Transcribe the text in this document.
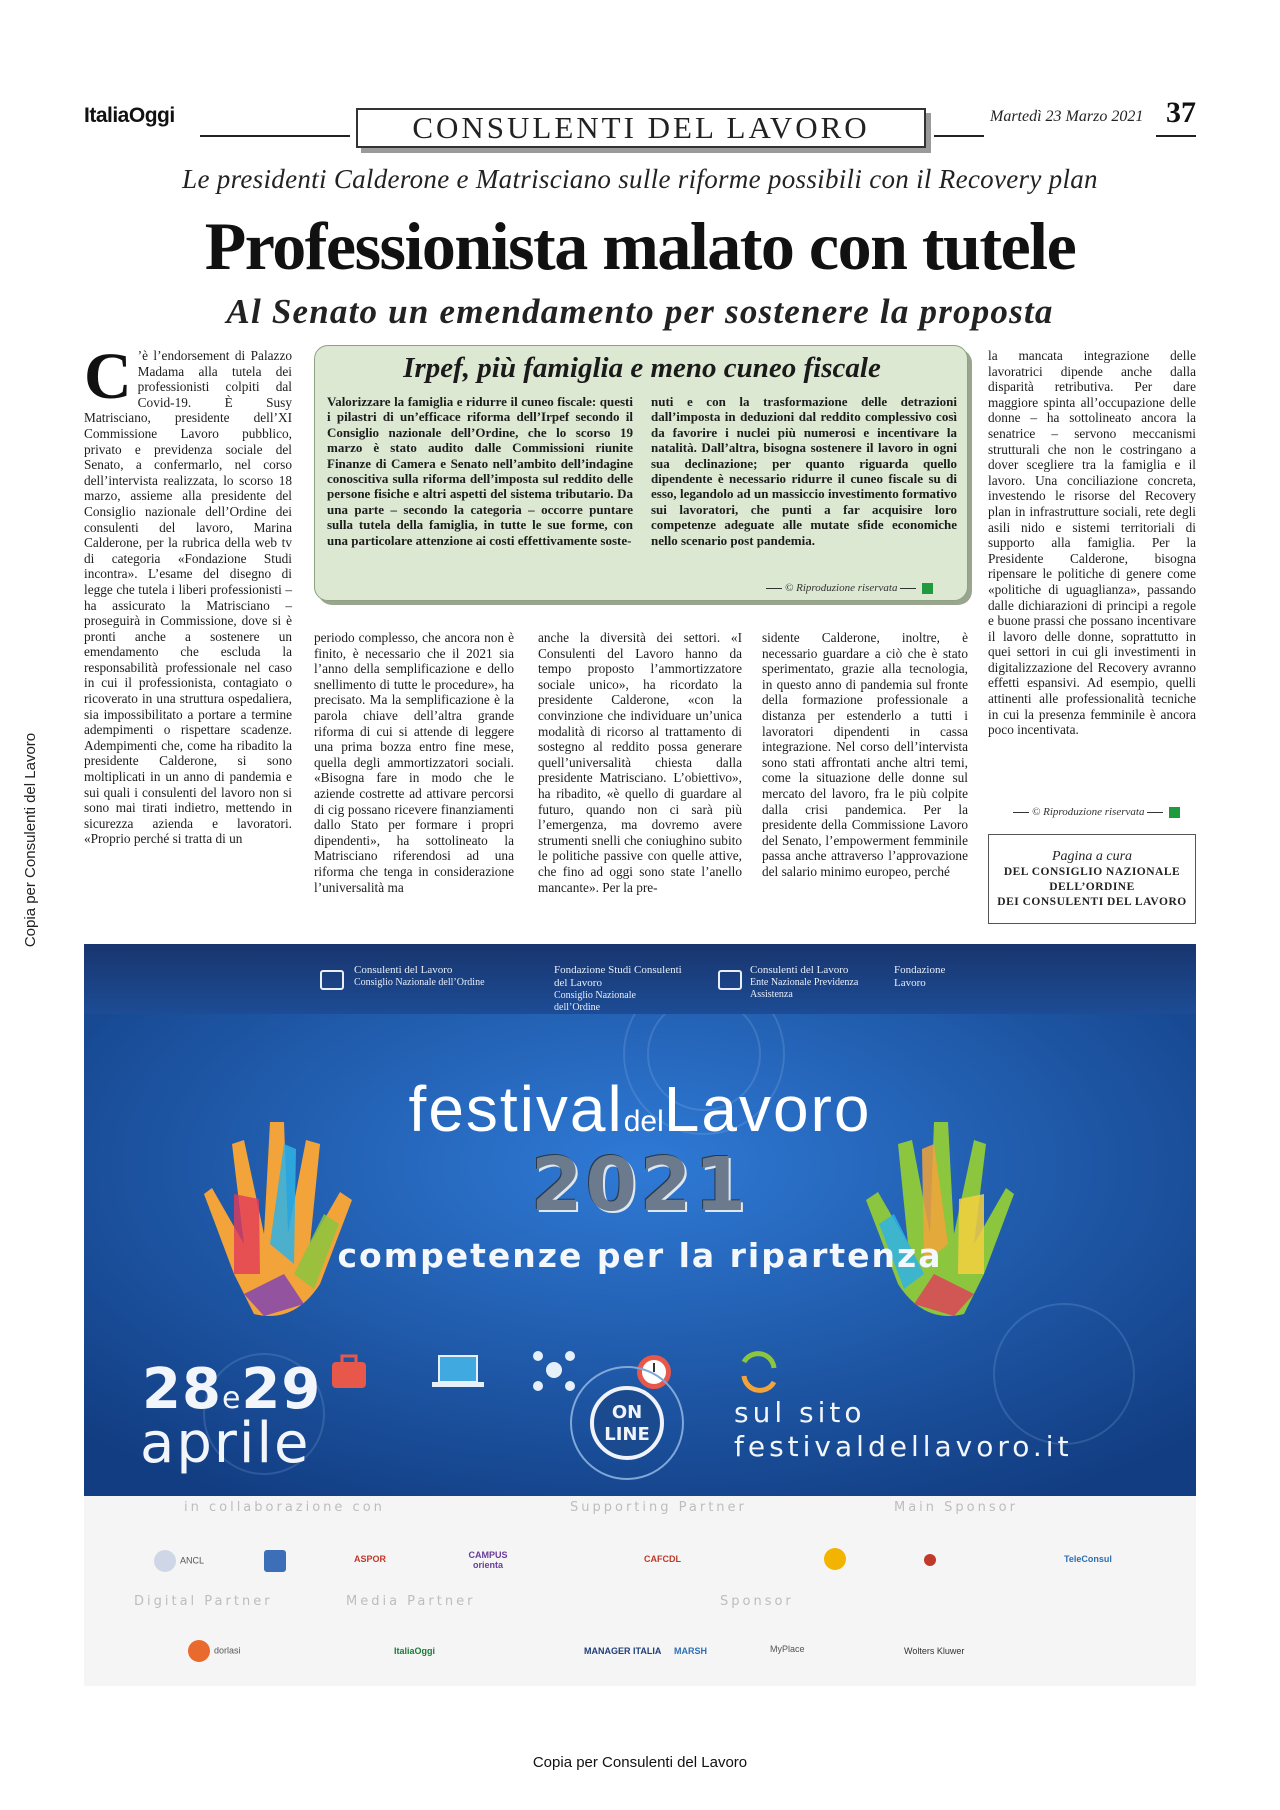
Copia per Consulenti del Lavoro
ItaliaOggi	CONSULENTI DEL LAVORO	Martedì 23 Marzo 2021 37
Le presidenti Calderone e Matrisciano sulle riforme possibili con il Recovery plan
Professionista malato con tutele
Al Senato un emendamento per sostenere la proposta
C ’è l’endorsement di Palazzo Madama alla tutela dei professionisti colpiti dal Covid-19. È Susy Matrisciano, presidente dell’XI Commissione Lavoro pubblico, privato e previdenza sociale del Senato, a confermarlo, nel corso dell’intervista realizzata, lo scorso 18 marzo, assieme alla presidente del Consiglio nazionale dell’Ordine dei consulenti del lavoro, Marina Calderone, per la rubrica della web tv di categoria «Fondazione Studi incontra». L’esame del disegno di legge che tutela i liberi professionisti – ha assicurato la Matrisciano – proseguirà in Commissione, dove si è pronti anche a sostenere un emendamento che escluda la responsabilità professionale nel caso in cui il professionista, contagiato o ricoverato in una struttura ospedaliera, sia impossibilitato a portare a termine adempimenti o rispettare scadenze. Adempimenti che, come ha ribadito la presidente Calderone, si sono moltiplicati in un anno di pandemia e sui quali i consulenti del lavoro non si sono mai tirati indietro, mettendo in sicurezza azienda e lavoratori. «Proprio perché si tratta di un
Irpef, più famiglia e meno cuneo fiscale
Valorizzare la famiglia e ridurre il cuneo fiscale: questi i pilastri di un’efficace riforma dell’Irpef secondo il Consiglio nazionale dell’Ordine, che lo scorso 19 marzo è stato audito dalle Commissioni riunite Finanze di Camera e Senato nell’ambito dell’indagine conoscitiva sulla riforma dell’imposta sul reddito delle persone fisiche e altri aspetti del sistema tributario. Da una parte – secondo la categoria – occorre puntare sulla tutela della famiglia, in tutte le sue forme, con una particolare attenzione ai costi effettivamente soste-
nuti e con la trasformazione delle detrazioni dall’imposta in deduzioni dal reddito complessivo così da favorire i nuclei più numerosi e incentivare la natalità. Dall’altra, bisogna sostenere il lavoro in ogni sua declinazione; per quanto riguarda quello dipendente è necessario ridurre il cuneo fiscale su di esso, legandolo ad un massiccio investimento formativo sui lavoratori, che punti a far acquisire loro competenze adeguate alle mutate sfide economiche nello scenario post pandemia.
© Riproduzione riservata
periodo complesso, che ancora non è finito, è necessario che il 2021 sia l’anno della semplificazione e dello snellimento di tutte le procedure», ha precisato. Ma la semplificazione è la parola chiave dell’altra grande riforma di cui si attende di leggere una prima bozza entro fine mese, quella degli ammortizzatori sociali. «Bisogna fare in modo che le aziende costrette ad attivare percorsi di cig possano ricevere finanziamenti dallo Stato per formare i propri dipendenti», ha sottolineato la Matrisciano riferendosi ad una riforma che tenga in considerazione l’universalità ma
anche la diversità dei settori. «I Consulenti del Lavoro hanno da tempo proposto l’ammortizzatore sociale unico», ha ricordato la presidente Calderone, «con la convinzione che individuare un’unica modalità di ricorso al trattamento di sostegno al reddito possa generare quell’universalità chiesta dalla presidente Matrisciano. L’obiettivo», ha ribadito, «è quello di guardare al futuro, quando non ci sarà più l’emergenza, ma dovremo avere strumenti snelli che coniughino subito le politiche passive con quelle attive, che fino ad oggi sono state l’anello mancante». Per la pre-
sidente Calderone, inoltre, è necessario guardare a ciò che è stato sperimentato, grazie alla tecnologia, in questo anno di pandemia sul fronte della formazione professionale a distanza per estenderlo a tutti i lavoratori dipendenti in cassa integrazione. Nel corso dell’intervista sono stati affrontati anche altri temi, come la situazione delle donne sul mercato del lavoro, fra le più colpite dalla crisi pandemica. Per la presidente della Commissione Lavoro del Senato, l’empowerment femminile passa anche attraverso l’approvazione del salario minimo europeo, perché
la mancata integrazione delle lavoratrici dipende anche dalla disparità retributiva. Per dare maggiore spinta all’occupazione delle donne – ha sottolineato ancora la senatrice – servono meccanismi strutturali che non le costringano a dover scegliere tra la famiglia e il lavoro. Una conciliazione concreta, investendo le risorse del Recovery plan in infrastrutture sociali, rete degli asili nido e sistemi territoriali di supporto alla famiglia. Per la Presidente Calderone, bisogna ripensare le politiche di genere come «politiche di uguaglianza», passando dalle dichiarazioni di principi a regole e buone prassi che possano incentivare il lavoro delle donne, soprattutto in quei settori in cui gli investimenti in digitalizzazione del Recovery avranno effetti espansivi. Ad esempio, quelli attinenti alle professionalità tecniche in cui la presenza femminile è ancora poco incentivata.
© Riproduzione riservata
Pagina a cura
DEL CONSIGLIO NAZIONALE
DELL’ORDINE
DEI CONSULENTI DEL LAVORO
Consulenti del Lavoro
Consiglio Nazionale dell’Ordine
Fondazione Studi Consulenti del Lavoro
Consiglio Nazionale dell’Ordine
Consulenti del Lavoro
Ente Nazionale Previdenza Assistenza
Fondazione Lavoro
festivaldelLavoro
2021
competenze per la ripartenza
28e29
aprile	ON
LINE
sul sito
festivaldellavoro.it
in collaborazione con	Supporting Partner	Main Sponsor
ANCL	ASPOR	CAMPUS orienta
CAFCDL	TeleConsul
Digital Partner	Media Partner	Sponsor
dorlasi	ItaliaOggi	MANAGER ITALIA MARSH	MyPlace	Wolters Kluwer
Copia per Consulenti del Lavoro
